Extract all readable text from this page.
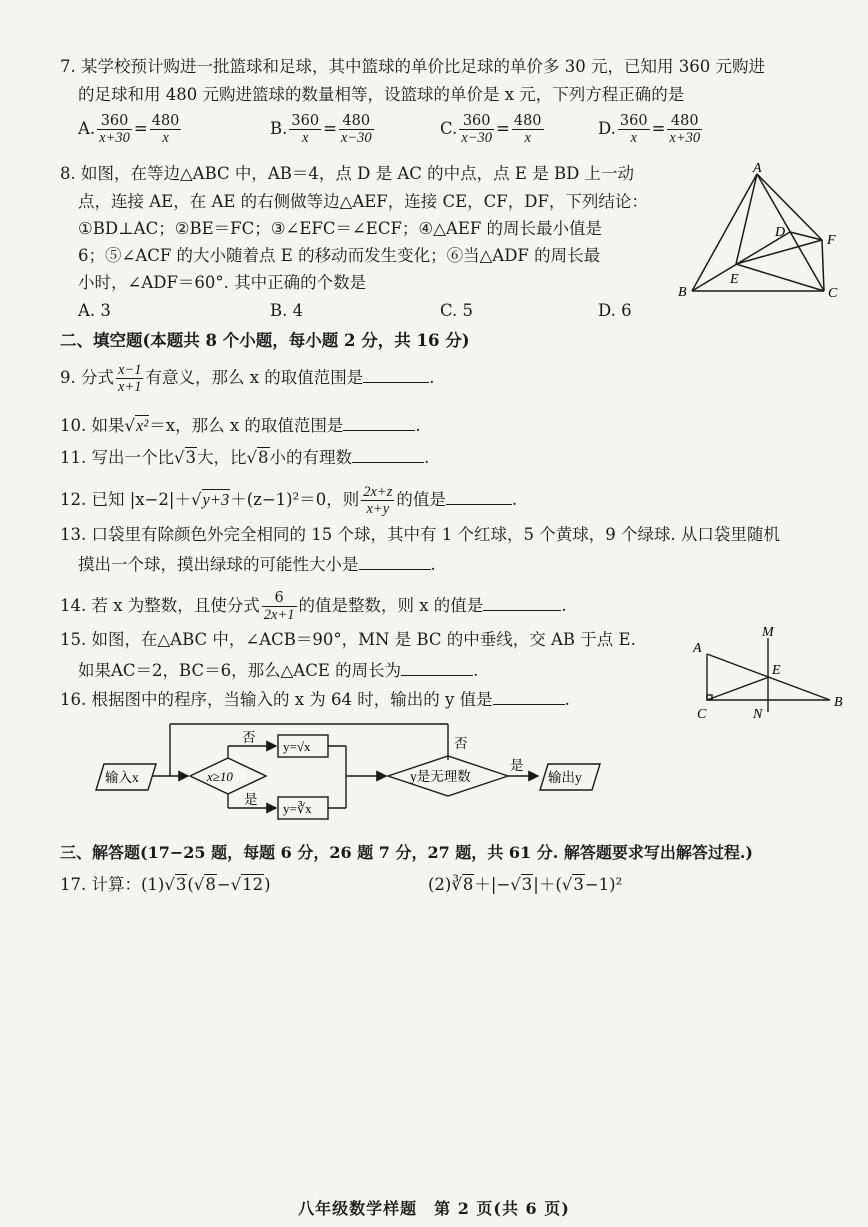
7. 某学校预计购进一批篮球和足球，其中篮球的单价比足球的单价多 30 元，已知用 360 元购进
的足球和用 480 元购进篮球的数量相等，设篮球的单价是 x 元，下列方程正确的是
A. $\frac{360}{x+30} = \frac{480}{x}$	B. $\frac{360}{x} = \frac{480}{x-30}$	C. $\frac{360}{x-30} = \frac{480}{x}$	D. $\frac{360}{x} = \frac{480}{x+30}$
8. 如图，在等边△ABC 中，AB＝4，点 D 是 AC 的中点，点 E 是 BD 上一动
点，连接 AE，在 AE 的右侧做等边△AEF，连接 CE，CF，DF，下列结论：
①BD⊥AC；②BE＝FC；③∠EFC＝∠ECF；④△AEF 的周长最小值是
6；⑤∠ACF 的大小随着点 E 的移动而发生变化；⑥当△ADF 的周长最
小时，∠ADF＝60°. 其中正确的个数是
A. 3	B. 4	C. 5	D. 6
A
B	C
D
E
F
二、填空题(本题共 8 个小题，每小题 2 分，共 16 分)
9. 分式 $\frac{x-1}{x+1}$ 有意义，那么 x 的取值范围是	.
10. 如果√x²＝x，那么 x 的取值范围是	.
11. 写出一个比√3大，比√8小的有理数	.
12. 已知 |x−2|＋√y+3＋(z−1)²＝0，则 $\frac{2x+z}{x+y}$ 的值是	.
13. 口袋里有除颜色外完全相同的 15 个球，其中有 1 个红球，5 个黄球，9 个绿球. 从口袋里随机
摸出一个球，摸出绿球的可能性大小是	.
14. 若 x 为整数，且使分式 $\frac{6}{2x+1}$ 的值是整数，则 x 的值是	.
15. 如图，在△ABC 中，∠ACB＝90°，MN 是 BC 的中垂线，交 AB 于点 E.
如果AC＝2，BC＝6，那么△ACE 的周长为	.
M
A
E
B
C	N
16. 根据图中的程序，当输入的 x 为 64 时，输出的 y 值是	.
输入x	x≥10
否
是
y=√x
y=∛x
y是无理数
否
是
输出y
三、解答题(17−25 题，每题 6 分，26 题 7 分，27 题，共 61 分. 解答题要求写出解答过程.)
17. 计算：(1)√3(√8−√12)	(2)∛8＋|−√3|＋(√3−1)²
八年级数学样题　第 2 页(共 6 页)
